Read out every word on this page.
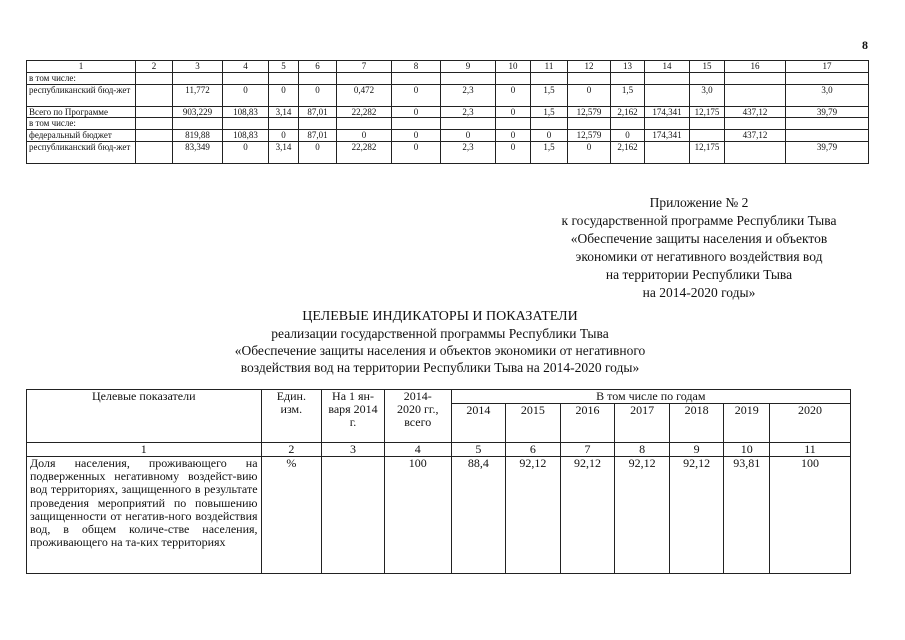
8
1	2	3	4	5	6	7	8	9	10	11	12	13	14	15	16	17
в том числе:																
республиканский бюд-жет		11,772	0	0	0	0,472	0	2,3	0	1,5	0	1,5		3,0		3,0
Всего по Программе		903,229	108,83	3,14	87,01	22,282	0	2,3	0	1,5	12,579	2,162	174,341	12,175	437,12	39,79
в том числе:																
федеральный бюджет		819,88	108,83	0	87,01	0	0	0	0	0	12,579	0	174,341		437,12	
республиканский бюд-жет		83,349	0	3,14	0	22,282	0	2,3	0	1,5	0	2,162		12,175		39,79
Приложение № 2
к государственной программе Республики Тыва
«Обеспечение защиты населения и объектов
экономики от негативного воздействия вод
на территории Республики Тыва
на 2014-2020 годы»
ЦЕЛЕВЫЕ ИНДИКАТОРЫ И ПОКАЗАТЕЛИ
реализации государственной программы Республики Тыва
«Обеспечение защиты населения и объектов экономики от негативного
воздействия вод на территории Республики Тыва на 2014-2020 годы»
Целевые показатели	Един. изм.	На 1 ян-варя 2014 г.	2014-2020 гг., всего	В том числе по годам						
				2014	2015	2016	2017	2018	2019	2020
1	2	3	4	5	6	7	8	9	10	11
Доля населения, проживающего на подверженных негативному воздейст-вию вод территориях, защищенного в результате проведения мероприятий по повышению защищенности от негатив-ного воздействия вод, в общем количе-стве населения, проживающего на та-ких территориях	%		100	88,4	92,12	92,12	92,12	92,12	93,81	100
